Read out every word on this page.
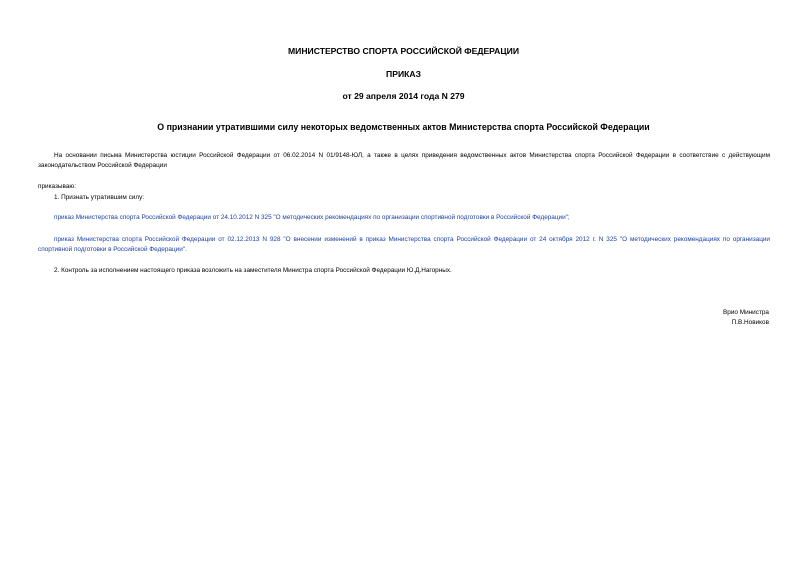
МИНИСТЕРСТВО СПОРТА РОССИЙСКОЙ ФЕДЕРАЦИИ
ПРИКАЗ
от 29 апреля 2014 года N 279
О признании утратившими силу некоторых ведомственных актов Министерства спорта Российской Федерации

На основании письма Министерства юстиции Российской Федерации от 06.02.2014 N 01/9148-ЮЛ, а также в целях приведения ведомственных актов Министерства спорта Российской Федерации в соответствие с действующим законодательством Российской Федерации

приказываю:

1. Признать утратившим силу:

приказ Министерства спорта Российской Федерации от 24.10.2012 N 325 "О методических рекомендациях по организации спортивной подготовки в Российской Федерации";

приказ Министерства спорта Российской Федерации от 02.12.2013 N 928 "О внесении изменений в приказ Министерства спорта Российской Федерации от 24 октября 2012 г. N 325 "О методических рекомендациях по организации спортивной подготовки в Российской Федерации".

2. Контроль за исполнением настоящего приказа возложить на заместителя Министра спорта Российской Федерации Ю.Д.Нагорных.

Врио Министра
П.В.Новиков
